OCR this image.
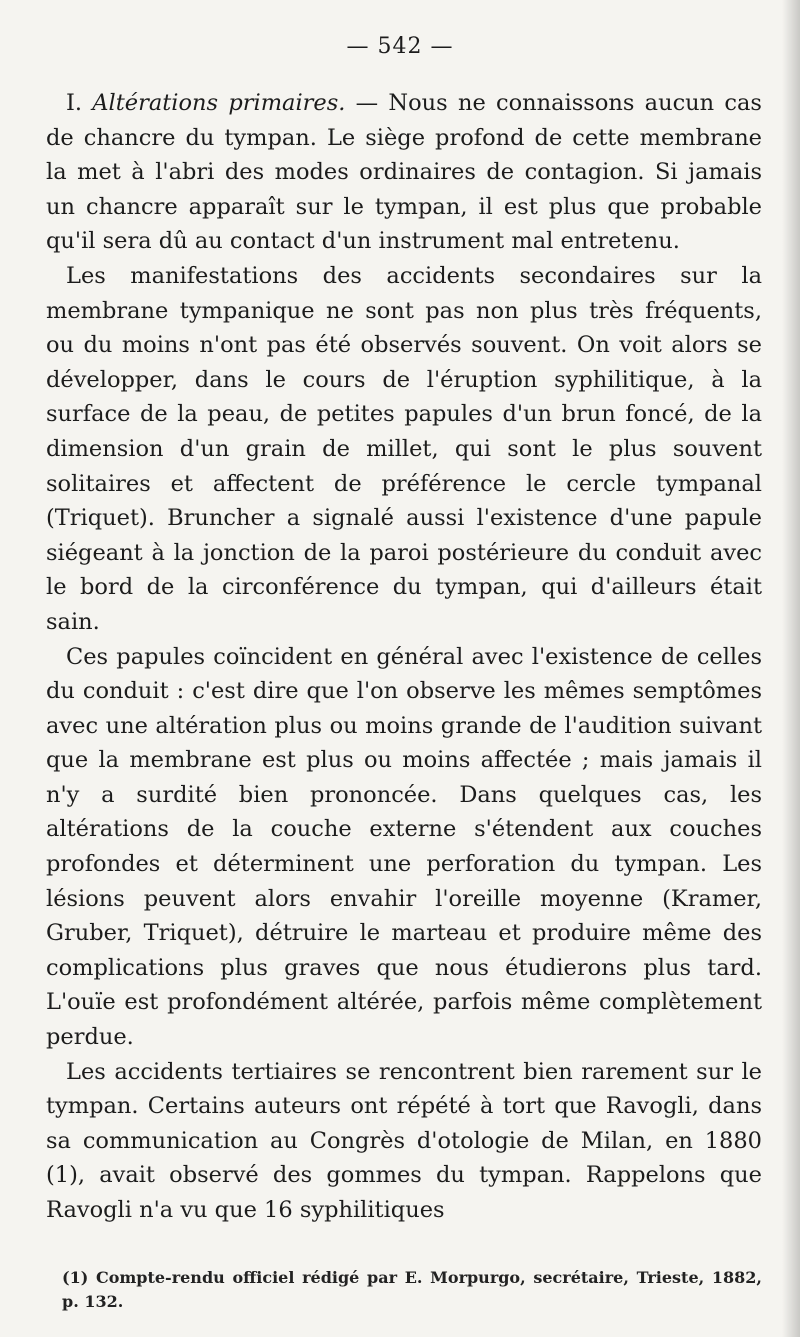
— 542 —

I. Altérations primaires. — Nous ne connaissons aucun cas de chancre du tympan. Le siège profond de cette membrane la met à l'abri des modes ordinaires de contagion. Si jamais un chancre apparaît sur le tympan, il est plus que probable qu'il sera dû au contact d'un instrument mal entretenu.

Les manifestations des accidents secondaires sur la membrane tympanique ne sont pas non plus très fréquents, ou du moins n'ont pas été observés souvent. On voit alors se développer, dans le cours de l'éruption syphilitique, à la surface de la peau, de petites papules d'un brun foncé, de la dimension d'un grain de millet, qui sont le plus souvent solitaires et affectent de préférence le cercle tympanal (Triquet). Bruncher a signalé aussi l'existence d'une papule siégeant à la jonction de la paroi postérieure du conduit avec le bord de la circonférence du tympan, qui d'ailleurs était sain.

Ces papules coïncident en général avec l'existence de celles du conduit : c'est dire que l'on observe les mêmes semptômes avec une altération plus ou moins grande de l'audition suivant que la membrane est plus ou moins affectée ; mais jamais il n'y a surdité bien prononcée. Dans quelques cas, les altérations de la couche externe s'étendent aux couches profondes et déterminent une perforation du tympan. Les lésions peuvent alors envahir l'oreille moyenne (Kramer, Gruber, Triquet), détruire le marteau et produire même des complications plus graves que nous étudierons plus tard. L'ouïe est profondément altérée, parfois même complètement perdue.

Les accidents tertiaires se rencontrent bien rarement sur le tympan. Certains auteurs ont répété à tort que Ravogli, dans sa communication au Congrès d'otologie de Milan, en 1880 (1), avait observé des gommes du tympan. Rappelons que Ravogli n'a vu que 16 syphilitiques

(1) Compte-rendu officiel rédigé par E. Morpurgo, secrétaire, Trieste, 1882, p. 132.
